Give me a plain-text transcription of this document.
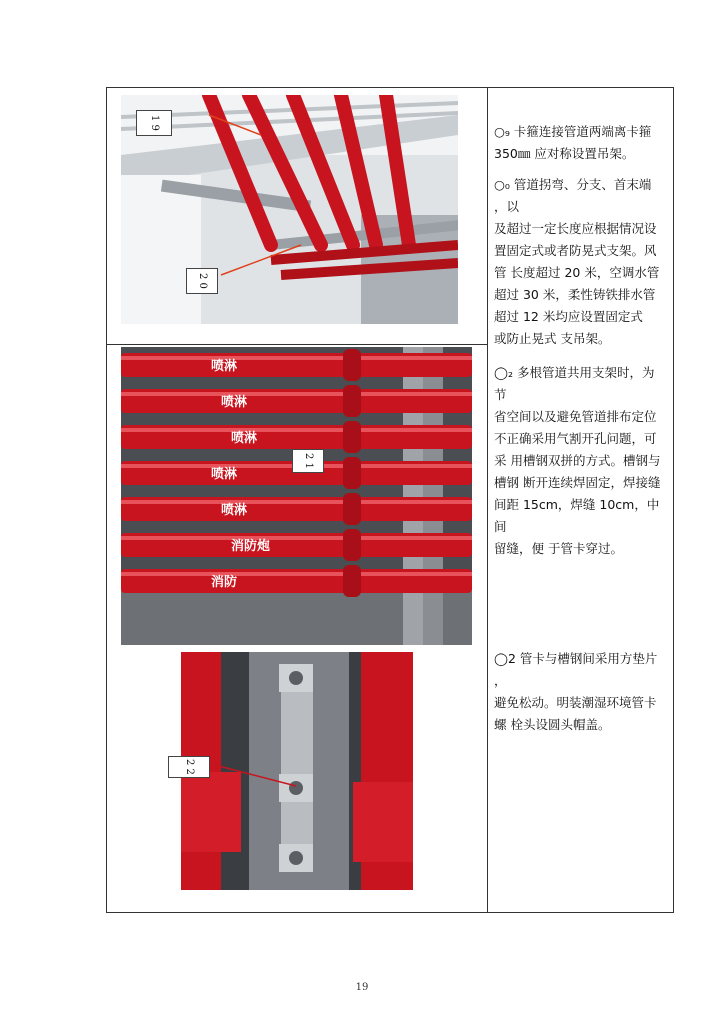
1 9
2 0
喷淋
喷淋
喷淋
喷淋
喷淋
消防炮
消防
2 1
2 2

○₉ 卡箍连接管道两端离卡箍

350㎜ 应对称设置吊架。

○₀ 管道拐弯、分支、首末端

，以

及超过一定长度应根据情况设

置固定式或者防晃式支架。风

管 长度超过 20 米，空调水管

超过 30 米，柔性铸铁排水管

超过 12 米均应设置固定式

或防止晃式 支吊架。

◯₂ 多根管道共用支架时，为

节

省空间以及避免管道排布定位

不正确采用气割开孔问题，可

采 用槽钢双拼的方式。槽钢与

槽钢 断开连续焊固定，焊接缝

间距 15cm，焊缝 10cm，中间

留缝，便 于管卡穿过。

◯2 管卡与槽钢间采用方垫片

，

避免松动。明装潮湿环境管卡

螺 栓头设圆头帽盖。

19
